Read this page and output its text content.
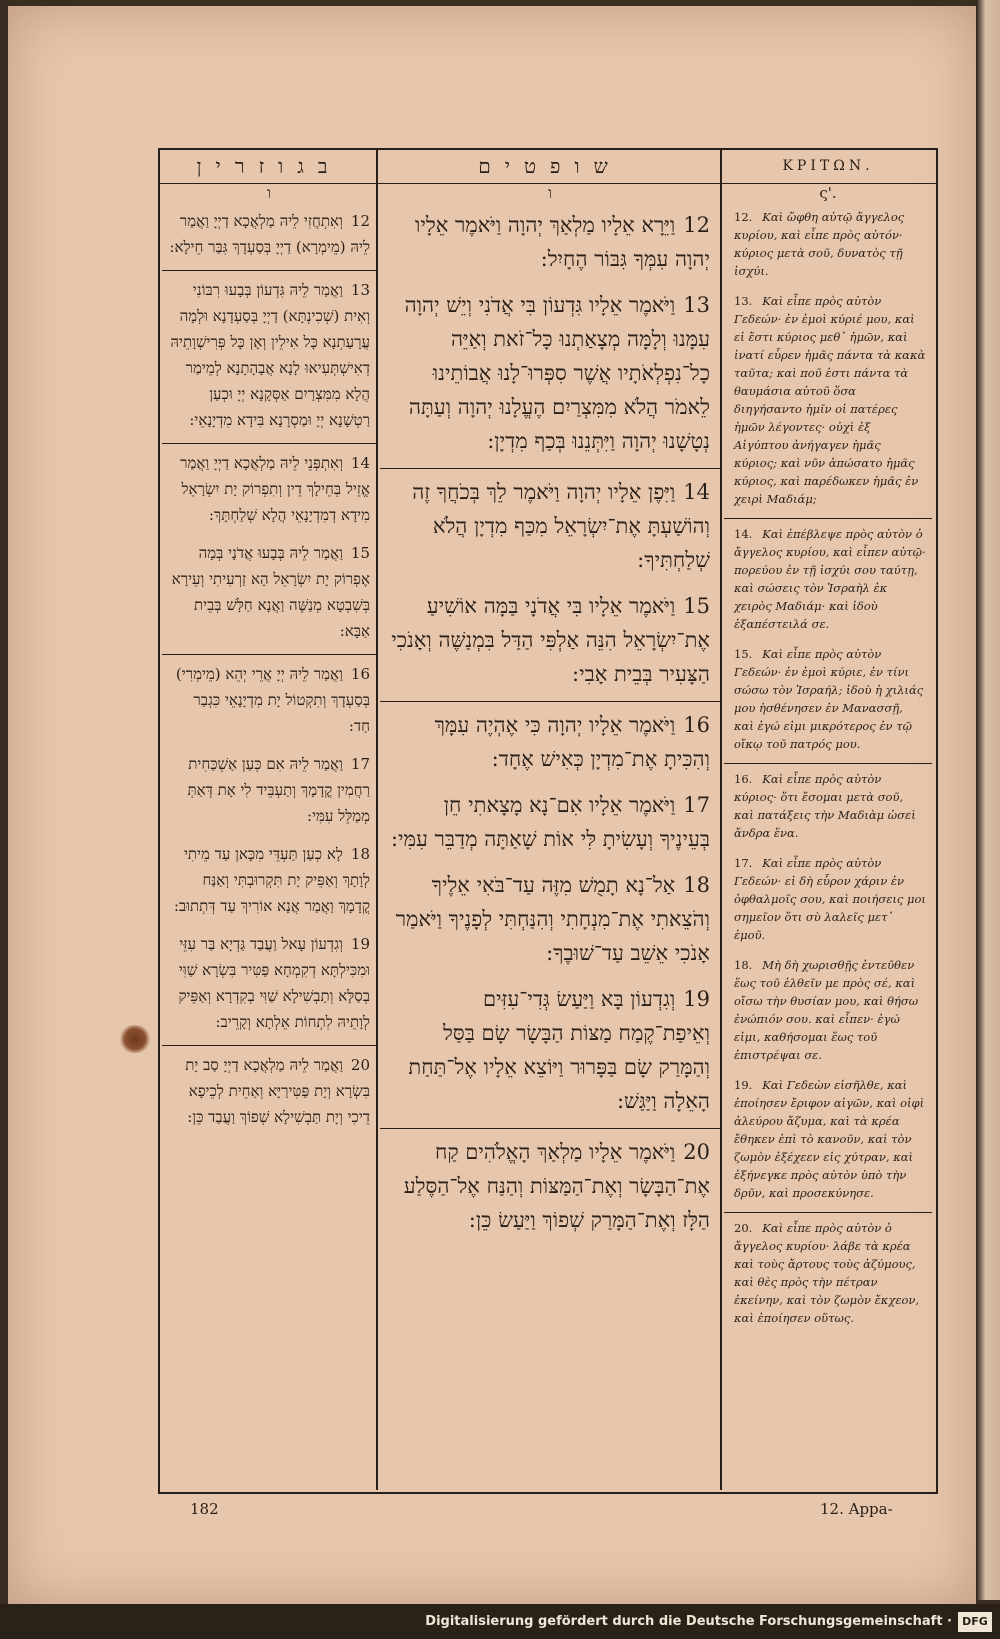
בגוזרין
ו
12וְאִתְחֲזִי לֵיהּ מַלְאֲכָא דַיְיָ וַאֲמַר לֵיהּ (מֵימְרָא) דַיְיָ בְּסַעְדָךְ גִּבַּר חֵילָא:
13וַאֲמַר לֵיהּ גִּדְעוֹן בְּבָעוּ רִבּוֹנִי וְאִית (שְׁכִינְתָּא) דַיְיָ בְּסַעְדָנָא וּלְמָה עֲרָעַתְנָא כָּל אִילֵין וְאָן כָּל פְּרִישְׁוָתֵיהּ דְאִישְׁתְּעִיאוּ לָנָא אֲבָהָתָנָא לְמֵימַר הֲלָא מִמִּצְרַיִם אַסְּקָנָא יְיָ וּכְעַן רַטְשָׁנָא יְיָ וּמַסְרָנָא בִּידָא מִדְיָנָאֵי:
14וְאִתְפְּנֵי לֵיהּ מַלְאֲכָא דַיְיָ וַאֲמַר אֱזֵיל בְּחֵילָךְ דֵין וְתִפְרוֹק יָת יִשְׂרָאֵל מִידָא דְמִדְיָנָאֵי הֲלָא שְׁלַחְתָּךְ:
15וַאֲמַר לֵיהּ בְּבָעוּ אֲדֹנָי בְּמָה אֶפְרוֹק יָת יִשְׂרָאֵל הָא זַרְעִיתִי וְעֵירָא בְּשִׁבְטָא מְנַשֶּׁה וַאֲנָא חַלָּשׁ בְּבֵית אַבָּא:
16וַאֲמַר לֵיהּ יְיָ אֲרֵי יְהֵא (מֵימְרִי) בְּסַעְדָךְ וְתִקְטוֹל יָת מִדְיָנָאֵי כִּגְבַר חַד:
17וַאֲמַר לֵיהּ אִם כְּעַן אַשְׁכַּחִית רַחֲמִין קֳדָמָךְ וְתַעְבֵּיד לִי אָת דְּאַתְּ מְמַלֵּל עִמִּי:
18לָא כְעַן תַּעְדֵּי מִכָּאן עַד מֵיתִי לְוָתָךְ וְאַפֵּיק יָת תִּקְרוּבְתִּי וְאַנַּח קֳדָמָךְ וַאֲמַר אֲנָא אוֹרִיךְ עַד דְּתְתוּב:
19וְגִדְעוֹן עָאל וַעֲבַד גַּדְיָא בַּר עִזֵּי וּמִכִּילְתָּא דְקִמְחָא פַּטִּיר בִּשְׂרָא שַׁוִּי בְסַלָּא וְתַבְשִׁילָא שַׁוִּי בְקִדְרָא וְאַפֵּיק לְוָתֵיהּ לִתְחוֹת אֵלְתָא וְקָרֵיב:
20וַאֲמַר לֵיהּ מַלְאֲכָא דַיְיָ סַב יָת בִּשְׂרָא וְיָת פַּטִּירַיָּא וְאַחֵית לְכֵיפָא דֵיכִי וְיָת תַּבְשִׁילָא שְׁפוֹךְ וַעֲבַד כֵּן:
שופטים
ו
12וַיֵּרָא אֵלָיו מַלְאַךְ יְהוָה וַיֹּאמֶר אֵלָיו יְהוָה עִמְּךָ גִּבּוֹר הֶחָיִל:
13וַיֹּאמֶר אֵלָיו גִּדְעוֹן בִּי אֲדֹנִי וְיֵשׁ יְהוָה עִמָּנוּ וְלָמָּה מְצָאַתְנוּ כָּל־זֹאת וְאַיֵּה כָל־נִפְלְאֹתָיו אֲשֶׁר סִפְּרוּ־לָנוּ אֲבוֹתֵינוּ לֵאמֹר הֲלֹא מִמִּצְרַיִם הֶעֱלָנוּ יְהוָה וְעַתָּה נְטָשָׁנוּ יְהוָה וַיִּתְּנֵנוּ בְּכַף מִדְיָן:
14וַיִּפֶן אֵלָיו יְהוָה וַיֹּאמֶר לֵךְ בְּכֹחֲךָ זֶה וְהוֹשַׁעְתָּ אֶת־יִשְׂרָאֵל מִכַּף מִדְיָן הֲלֹא שְׁלַחְתִּיךָ:
15וַיֹּאמֶר אֵלָיו בִּי אֲדֹנָי בַּמָּה אוֹשִׁיעַ אֶת־יִשְׂרָאֵל הִנֵּה אַלְפִּי הַדַּל בִּמְנַשֶּׁה וְאָנֹכִי הַצָּעִיר בְּבֵית אָבִי:
16וַיֹּאמֶר אֵלָיו יְהוָה כִּי אֶהְיֶה עִמָּךְ וְהִכִּיתָ אֶת־מִדְיָן כְּאִישׁ אֶחָד:
17וַיֹּאמֶר אֵלָיו אִם־נָא מָצָאתִי חֵן בְּעֵינֶיךָ וְעָשִׂיתָ לִּי אוֹת שָׁאַתָּה מְדַבֵּר עִמִּי:
18אַל־נָא תָמֻשׁ מִזֶּה עַד־בֹּאִי אֵלֶיךָ וְהֹצֵאתִי אֶת־מִנְחָתִי וְהִנַּחְתִּי לְפָנֶיךָ וַיֹּאמַר אָנֹכִי אֵשֵׁב עַד־שׁוּבֶךָ:
19וְגִדְעוֹן בָּא וַיַּעַשׂ גְּדִי־עִזִּים וְאֵיפַת־קֶמַח מַצּוֹת הַבָּשָׂר שָׂם בַּסַּל וְהַמָּרַק שָׂם בַּפָּרוּר וַיּוֹצֵא אֵלָיו אֶל־תַּחַת הָאֵלָה וַיַּגַּשׁ:
20וַיֹּאמֶר אֵלָיו מַלְאַךְ הָאֱלֹהִים קַח אֶת־הַבָּשָׂר וְאֶת־הַמַּצּוֹת וְהַנַּח אֶל־הַסֶּלַע הַלָּז וְאֶת־הַמָּרַק שְׁפוֹךְ וַיַּעַשׂ כֵּן:
ΚΡΙΤΩΝ.
ς'.
12. Καὶ ὤφθη αὐτῷ ἄγγελος κυρίου, καὶ εἶπε πρὸς αὐτόν· κύριος μετὰ σοῦ, δυνατὸς τῇ ἰσχύι.
13. Καὶ εἶπε πρὸς αὐτὸν Γεδεών· ἐν ἐμοὶ κύριέ μου, καὶ εἰ ἔστι κύριος μεθ᾽ ἡμῶν, καὶ ἱνατί εὗρεν ἡμᾶς πάντα τὰ κακὰ ταῦτα; καὶ ποῦ ἐστι πάντα τὰ θαυμάσια αὐτοῦ ὅσα διηγήσαντο ἡμῖν οἱ πατέρες ἡμῶν λέγοντες· οὐχὶ ἐξ Αἰγύπτου ἀνήγαγεν ἡμᾶς κύριος; καὶ νῦν ἀπώσατο ἡμᾶς κύριος, καὶ παρέδωκεν ἡμᾶς ἐν χειρὶ Μαδιάμ;
14. Καὶ ἐπέβλεψε πρὸς αὐτὸν ὁ ἄγγελος κυρίου, καὶ εἶπεν αὐτῷ· πορεύου ἐν τῇ ἰσχύι σου ταύτῃ, καὶ σώσεις τὸν Ἰσραὴλ ἐκ χειρὸς Μαδιάμ· καὶ ἰδοὺ ἐξαπέστειλά σε.
15. Καὶ εἶπε πρὸς αὐτὸν Γεδεών· ἐν ἐμοὶ κύριε, ἐν τίνι σώσω τὸν Ἰσραήλ; ἰδοὺ ἡ χιλιάς μου ἠσθένησεν ἐν Μανασσῇ, καὶ ἐγώ εἰμι μικρότερος ἐν τῷ οἴκῳ τοῦ πατρός μου.
16. Καὶ εἶπε πρὸς αὐτὸν κύριος· ὅτι ἔσομαι μετὰ σοῦ, καὶ πατάξεις τὴν Μαδιὰμ ὡσεὶ ἄνδρα ἕνα.
17. Καὶ εἶπε πρὸς αὐτὸν Γεδεών· εἰ δὴ εὗρον χάριν ἐν ὀφθαλμοῖς σου, καὶ ποιήσεις μοι σημεῖον ὅτι σὺ λαλεῖς μετ᾽ ἐμοῦ.
18. Μὴ δὴ χωρισθῇς ἐντεῦθεν ἕως τοῦ ἐλθεῖν με πρὸς σέ, καὶ οἴσω τὴν θυσίαν μου, καὶ θήσω ἐνώπιόν σου. καὶ εἶπεν· ἐγώ εἰμι, καθήσομαι ἕως τοῦ ἐπιστρέψαι σε.
19. Καὶ Γεδεὼν εἰσῆλθε, καὶ ἐποίησεν ἔριφον αἰγῶν, καὶ οἰφὶ ἀλεύρου ἄζυμα, καὶ τὰ κρέα ἔθηκεν ἐπὶ τὸ κανοῦν, καὶ τὸν ζωμὸν ἐξέχεεν εἰς χύτραν, καὶ ἐξήνεγκε πρὸς αὐτὸν ὑπὸ τὴν δρῦν, καὶ προσεκύνησε.
20. Καὶ εἶπε πρὸς αὐτὸν ὁ ἄγγελος κυρίου· λάβε τὰ κρέα καὶ τοὺς ἄρτους τοὺς ἀζύμους, καὶ θὲς πρὸς τὴν πέτραν ἐκείνην, καὶ τὸν ζωμὸν ἔκχεον, καὶ ἐποίησεν οὕτως.
182	12. Appa-
Digitalisierung gefördert durch die Deutsche Forschungsgemeinschaft · DFG
